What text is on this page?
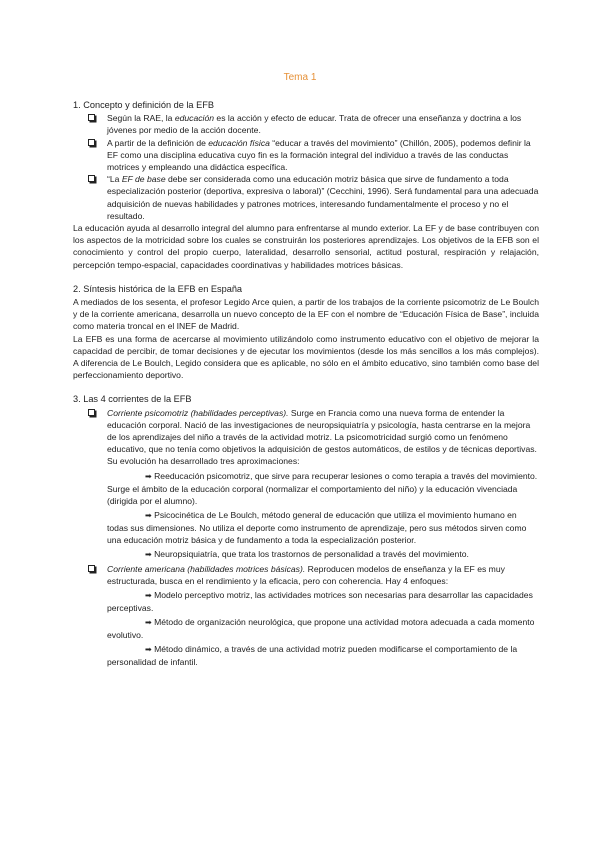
Tema 1
1. Concepto y definición de la EFB
Según la RAE, la educación es la acción y efecto de educar. Trata de ofrecer una enseñanza y doctrina a los jóvenes por medio de la acción docente.
A partir de la definición de educación física “educar a través del movimiento” (Chillón, 2005), podemos definir la EF como una disciplina educativa cuyo fin es la formación integral del individuo a través de las conductas motrices y empleando una didáctica específica.
“La EF de base debe ser considerada como una educación motriz básica que sirve de fundamento a toda especialización posterior (deportiva, expresiva o laboral)” (Cecchini, 1996). Será fundamental para una adecuada adquisición de nuevas habilidades y patrones motrices, interesando fundamentalmente el proceso y no el resultado.

La educación ayuda al desarrollo integral del alumno para enfrentarse al mundo exterior. La EF y de base contribuyen con los aspectos de la motricidad sobre los cuales se construirán los posteriores aprendizajes. Los objetivos de la EFB son el conocimiento y control del propio cuerpo, lateralidad, desarrollo sensorial, actitud postural, respiración y relajación, percepción tempo-espacial, capacidades coordinativas y habilidades motrices básicas.

2. Síntesis histórica de la EFB en España

A mediados de los sesenta, el profesor Legido Arce quien, a partir de los trabajos de la corriente psicomotriz de Le Boulch y de la corriente americana, desarrolla un nuevo concepto de la EF con el nombre de “Educación Física de Base”, incluida como materia troncal en el INEF de Madrid.

La EFB es una forma de acercarse al movimiento utilizándolo como instrumento educativo con el objetivo de mejorar la capacidad de percibir, de tomar decisiones y de ejecutar los movimientos (desde los más sencillos a los más complejos). A diferencia de Le Boulch, Legido considera que es aplicable, no sólo en el ámbito educativo, sino también como base del perfeccionamiento deportivo.

3. Las 4 corrientes de la EFB
Corriente psicomotriz (habilidades perceptivas). Surge en Francia como una nueva forma de entender la educación corporal. Nació de las investigaciones de neuropsiquiatría y psicología, hasta centrarse en la mejora de los aprendizajes del niño a través de la actividad motriz. La psicomotricidad surgió como un fenómeno educativo, que no tenía como objetivos la adquisición de gestos automáticos, de estilos y de técnicas deportivas. Su evolución ha desarrollado tres aproximaciones:
➡ Reeducación psicomotriz, que sirve para recuperar lesiones o como terapia a través del movimiento. Surge el ámbito de la educación corporal (normalizar el comportamiento del niño) y la educación vivenciada (dirigida por el alumno).
➡ Psicocinética de Le Boulch, método general de educación que utiliza el movimiento humano en todas sus dimensiones. No utiliza el deporte como instrumento de aprendizaje, pero sus métodos sirven como una educación motriz básica y de fundamento a toda la especialización posterior.
➡ Neuropsiquiatría, que trata los trastornos de personalidad a través del movimiento.
Corriente americana (habilidades motrices básicas). Reproducen modelos de enseñanza y la EF es muy estructurada, busca en el rendimiento y la eficacia, pero con coherencia. Hay 4 enfoques:
➡ Modelo perceptivo motriz, las actividades motrices son necesarias para desarrollar las capacidades perceptivas.
➡ Método de organización neurológica, que propone una actividad motora adecuada a cada momento evolutivo.
➡ Método dinámico, a través de una actividad motriz pueden modificarse el comportamiento de la personalidad de infantil.
